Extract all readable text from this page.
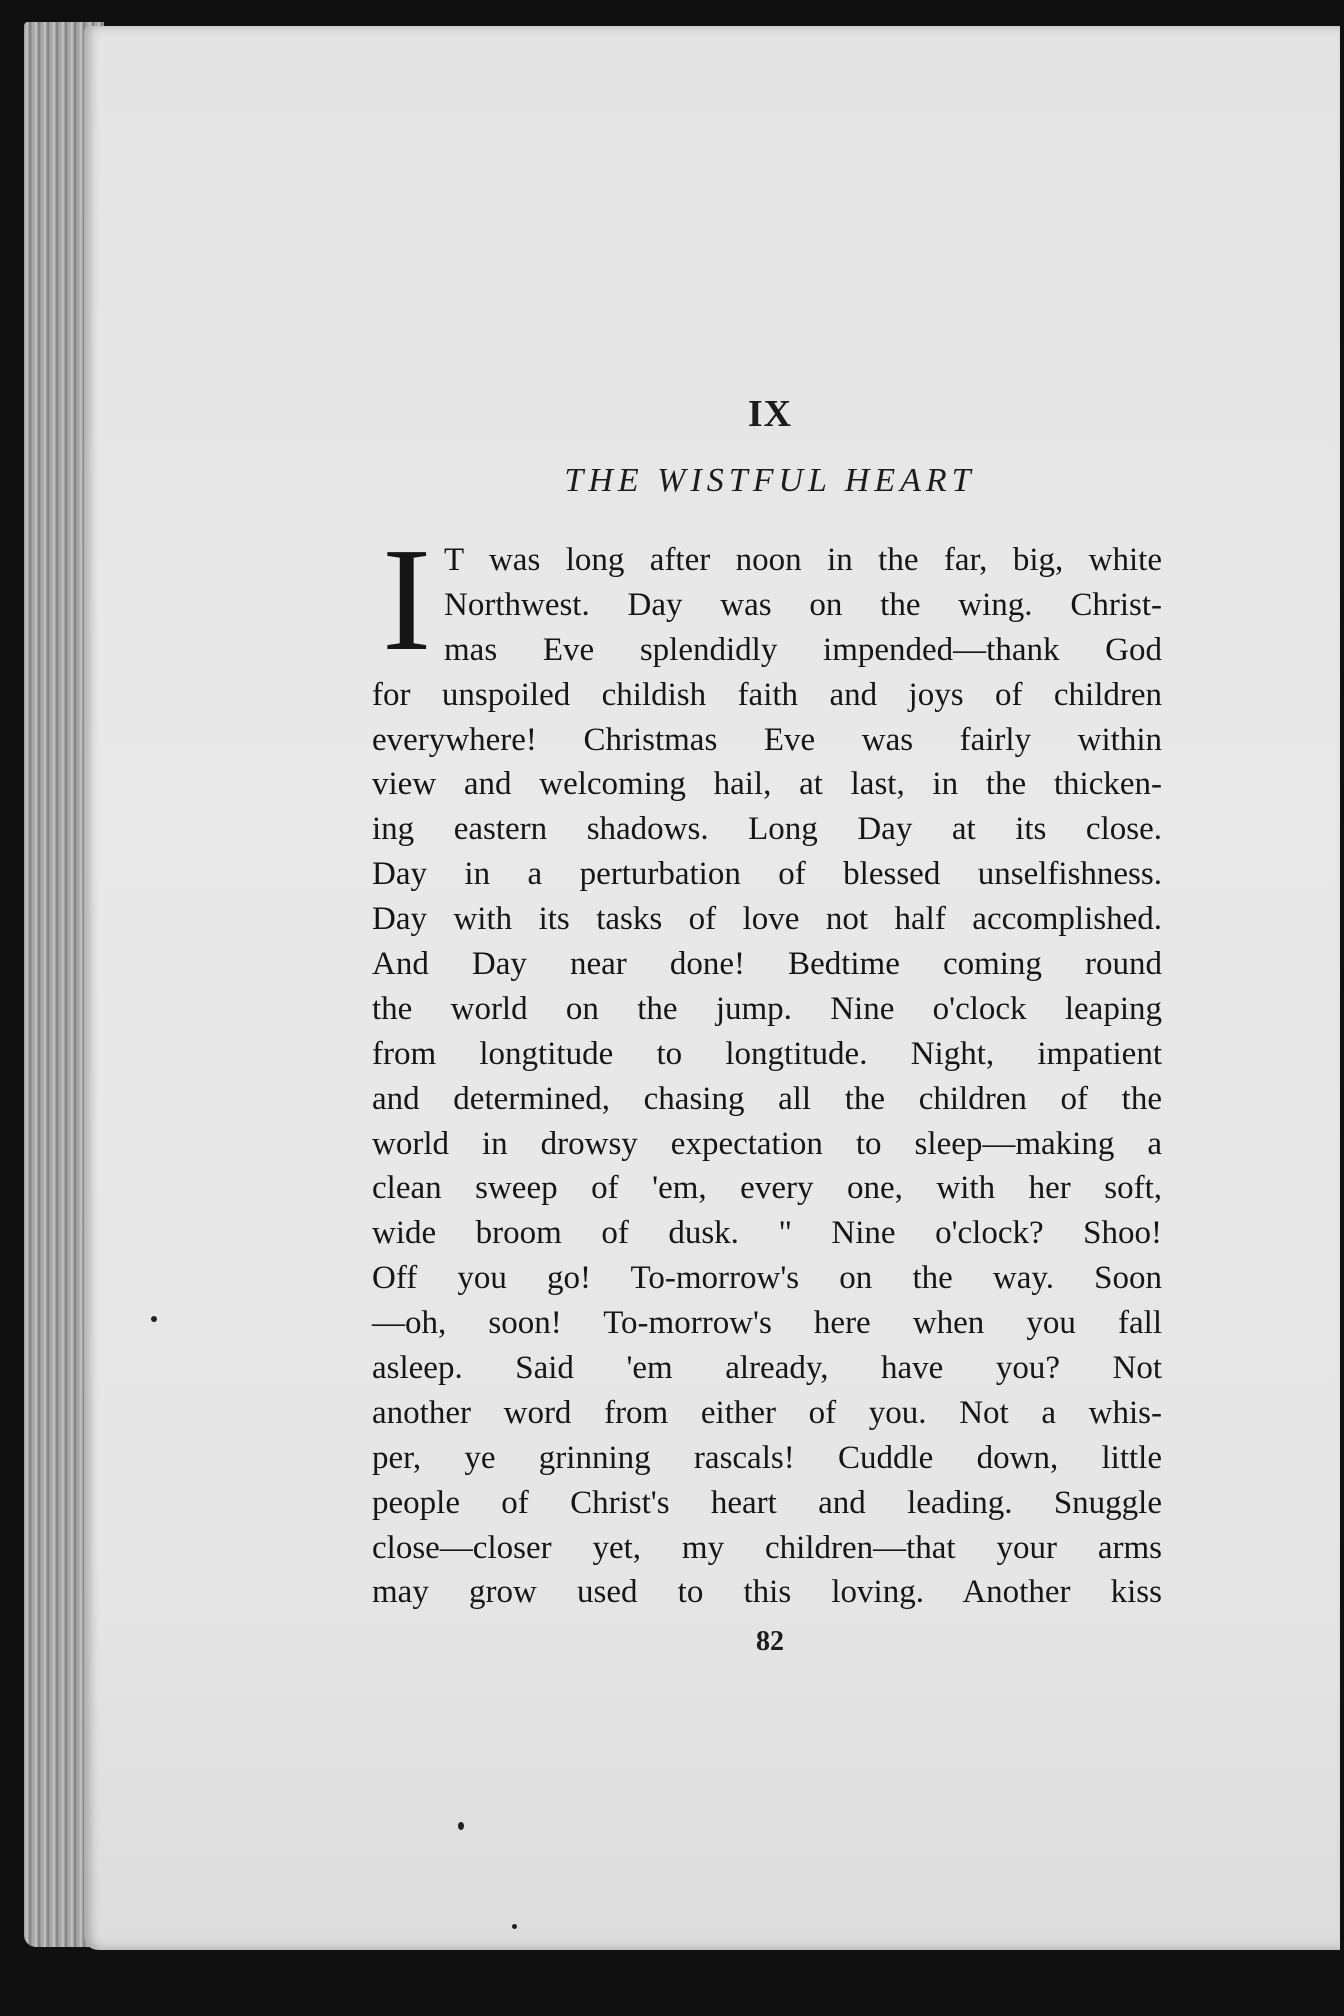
IX
THE WISTFUL HEART
I T was long after noon in the far, big, white
Northwest. Day was on the wing. Christ-
mas Eve splendidly impended—thank God
for unspoiled childish faith and joys of children
everywhere! Christmas Eve was fairly within
view and welcoming hail, at last, in the thicken-
ing eastern shadows. Long Day at its close.
Day in a perturbation of blessed unselfishness.
Day with its tasks of love not half accomplished.
And Day near done! Bedtime coming round
the world on the jump. Nine o'clock leaping
from longtitude to longtitude. Night, impatient
and determined, chasing all the children of the
world in drowsy expectation to sleep—making a
clean sweep of 'em, every one, with her soft,
wide broom of dusk. " Nine o'clock? Shoo!
Off you go! To-morrow's on the way. Soon
—oh, soon! To-morrow's here when you fall
asleep. Said 'em already, have you? Not
another word from either of you. Not a whis-
per, ye grinning rascals! Cuddle down, little
people of Christ's heart and leading. Snuggle
close—closer yet, my children—that your arms
may grow used to this loving. Another kiss
82
